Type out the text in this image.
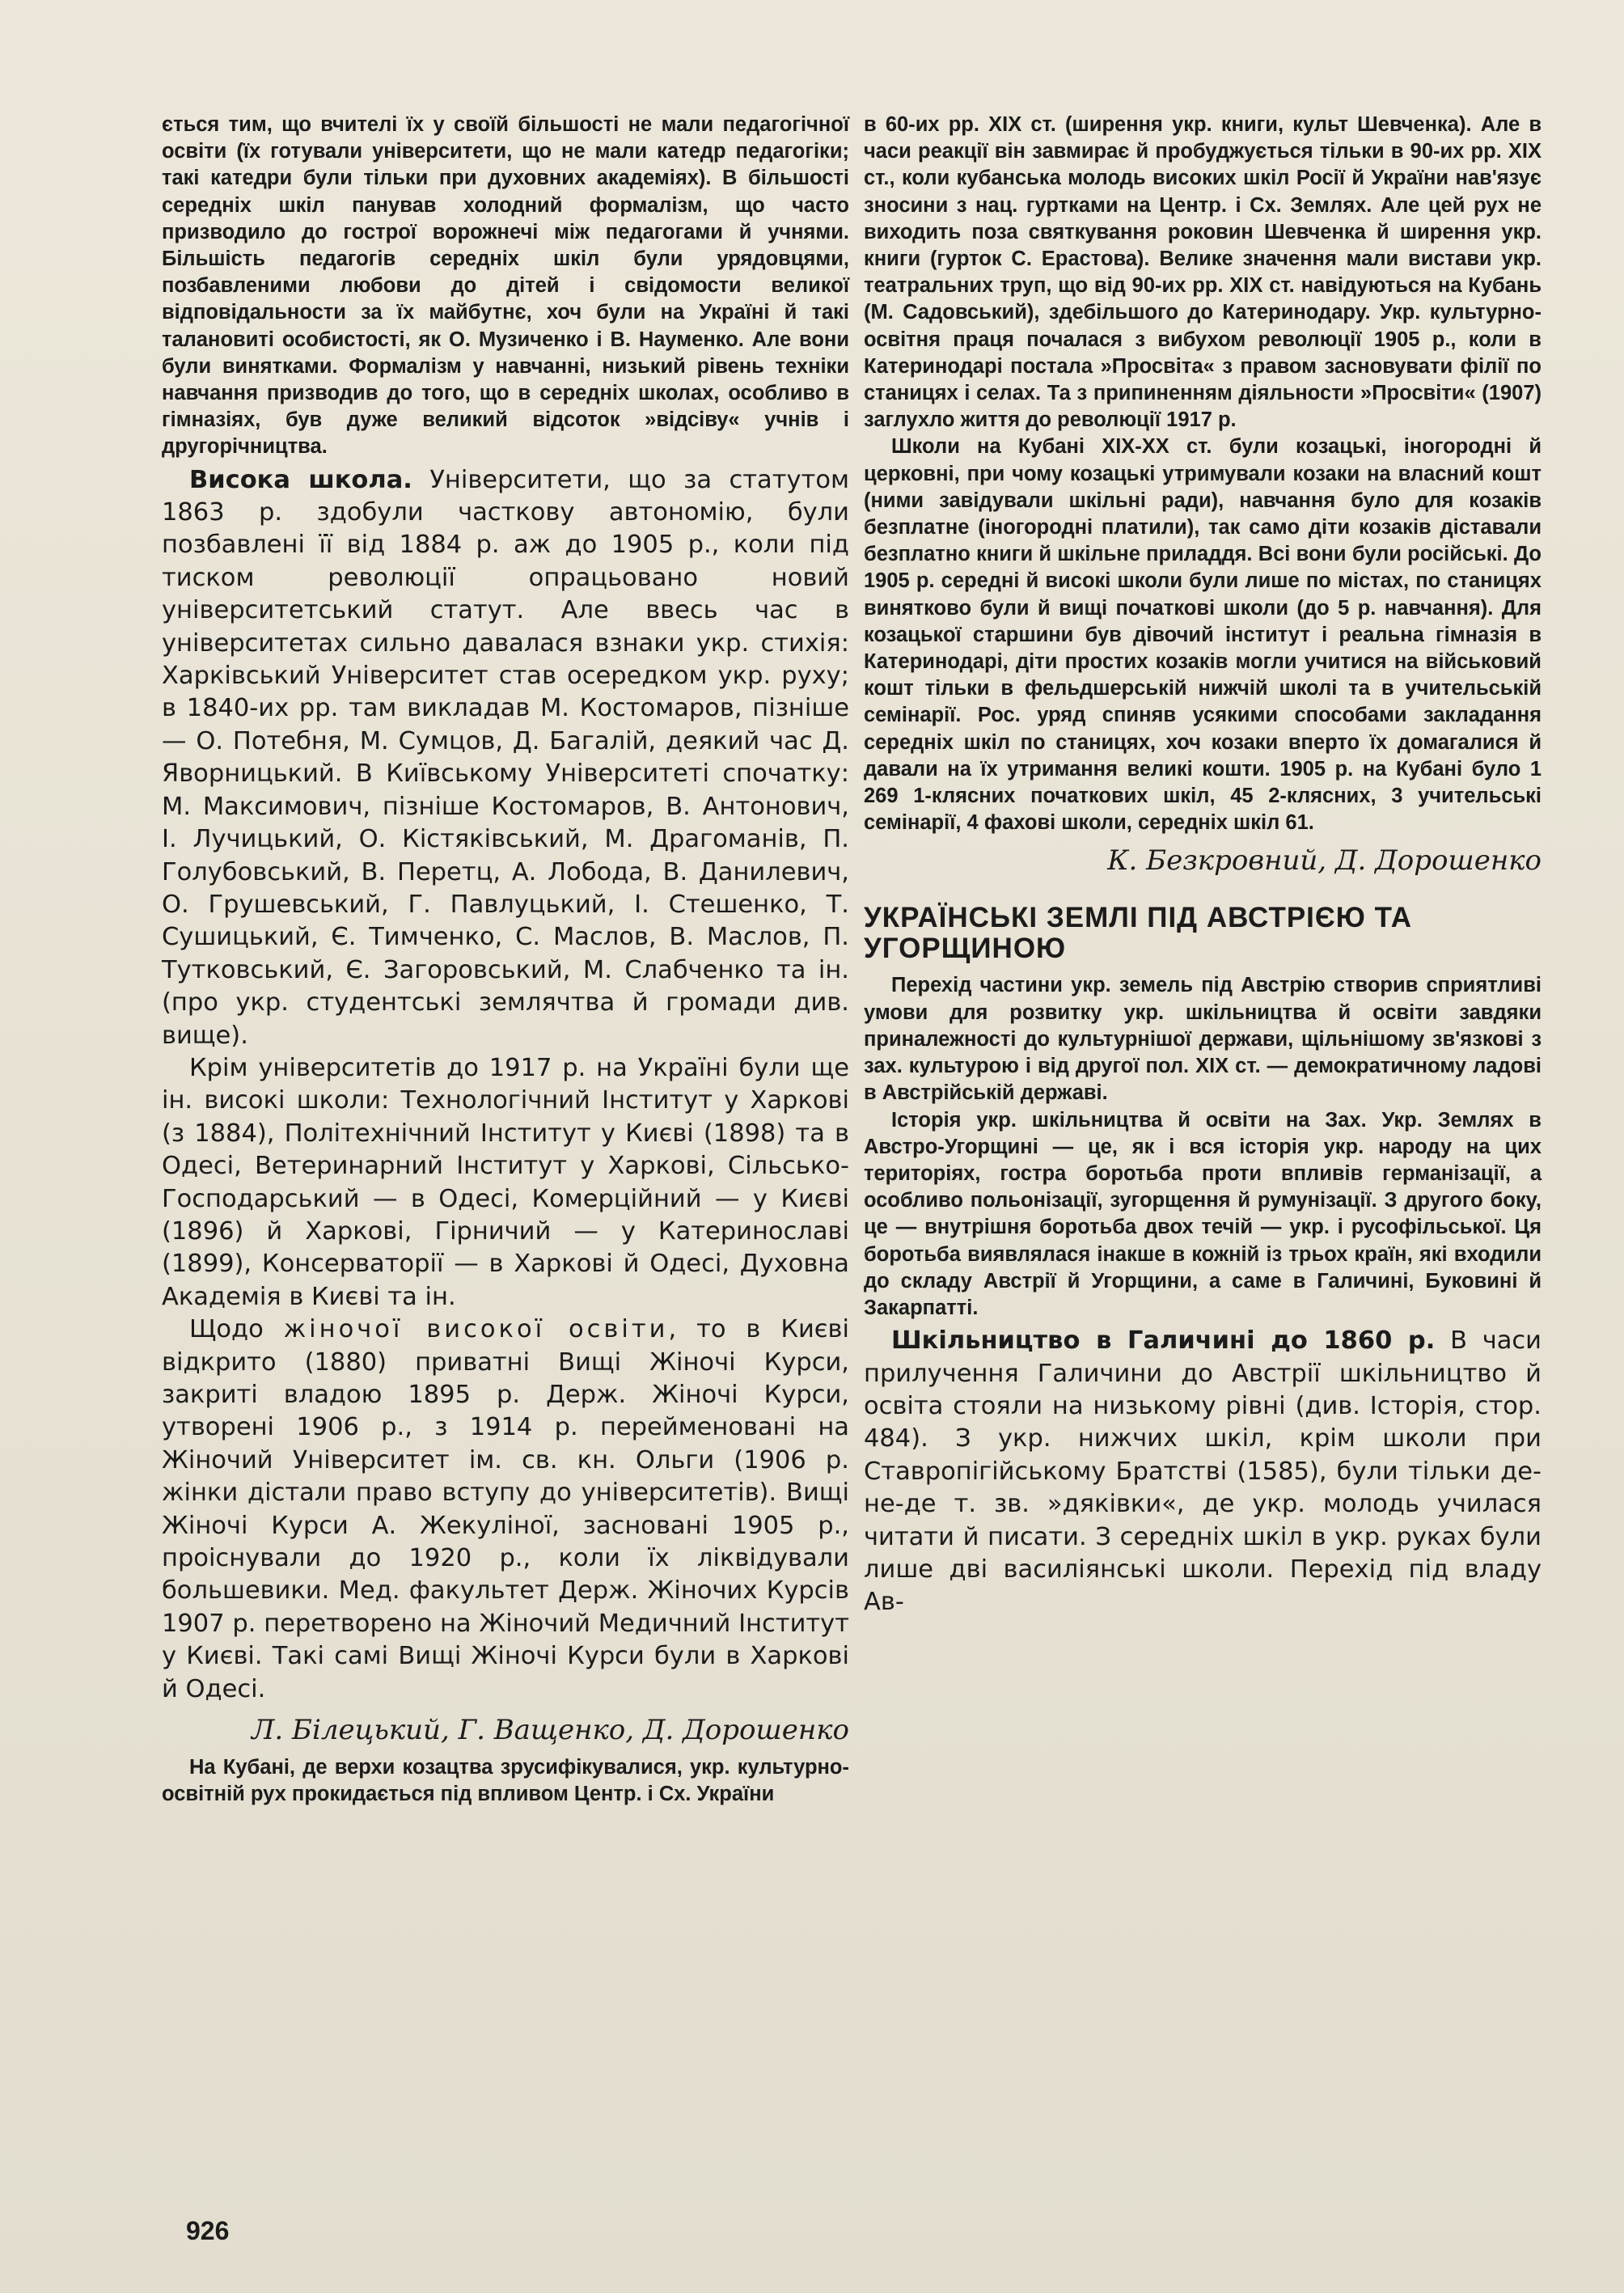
ється тим, що вчителі їх у своїй більшості не мали педагогічної освіти (їх готували університети, що не мали катедр педагогіки; такі катедри були тільки при духовних академіях). В більшості середніх шкіл панував холодний формалізм, що часто призводило до гострої ворожнечі між педагогами й учнями. Більшість педагогів середніх шкіл були урядовцями, позбавленими любови до дітей і свідомости великої відповідальности за їх майбутнє, хоч були на Україні й такі талановиті особистості, як О. Музиченко і В. Науменко. Але вони були винятками. Формалізм у навчанні, низький рівень техніки навчання призводив до того, що в середніх школах, особливо в гімназіях, був дуже великий відсоток »відсіву« учнів і другорічництва.

Висока школа. Університети, що за статутом 1863 р. здобули часткову автономію, були позбавлені її від 1884 р. аж до 1905 р., коли під тиском революції опрацьовано новий університетський статут. Але ввесь час в університетах сильно давалася взнаки укр. стихія: Харківський Університет став осередком укр. руху; в 1840-их рр. там викладав М. Костомаров, пізніше — О. Потебня, М. Сумцов, Д. Багалій, деякий час Д. Яворницький. В Київському Університеті спочатку: М. Максимович, пізніше Костомаров, В. Антонович, І. Лучицький, О. Кістяківський, М. Драгоманів, П. Голубовський, В. Перетц, А. Лобода, В. Данилевич, О. Грушевський, Г. Павлуцький, І. Стешенко, Т. Сушицький, Є. Тимченко, С. Маслов, В. Маслов, П. Тутковський, Є. Загоровський, М. Слабченко та ін. (про укр. студентські землячтва й громади див. вище).

Крім університетів до 1917 р. на Україні були ще ін. високі школи: Технологічний Інститут у Харкові (з 1884), Політехнічний Інститут у Києві (1898) та в Одесі, Ветеринарний Інститут у Харкові, Сільсько-Господарський — в Одесі, Комерційний — у Києві (1896) й Харкові, Гірничий — у Катеринославі (1899), Консерваторії — в Харкові й Одесі, Духовна Академія в Києві та ін.

Щодо жіночої високої освіти, то в Києві відкрито (1880) приватні Вищі Жіночі Курси, закриті владою 1895 р. Держ. Жіночі Курси, утворені 1906 р., з 1914 р. перейменовані на Жіночий Університет ім. св. кн. Ольги (1906 р. жінки дістали право вступу до університетів). Вищі Жіночі Курси А. Жекуліної, засновані 1905 р., проіснували до 1920 р., коли їх ліквідували большевики. Мед. факультет Держ. Жіночих Курсів 1907 р. перетворено на Жіночий Медичний Інститут у Києві. Такі самі Вищі Жіночі Курси були в Харкові й Одесі.

Л. Білецький, Г. Ващенко, Д. Дорошенко

На Кубані, де верхи козацтва зрусифікувалися, укр. культурно-освітній рух прокидається під впливом Центр. і Сх. України

в 60-их рр. XIX ст. (ширення укр. книги, культ Шевченка). Але в часи реакції він завмирає й пробуджується тільки в 90-их рр. XIX ст., коли кубанська молодь високих шкіл Росії й України нав'язує зносини з нац. гуртками на Центр. і Сх. Землях. Але цей рух не виходить поза святкування роковин Шевченка й ширення укр. книги (гурток С. Ерастова). Велике значення мали вистави укр. театральних труп, що від 90-их рр. XIX ст. навідуються на Кубань (М. Садовський), здебільшого до Катеринодару. Укр. культурно-освітня праця почалася з вибухом революції 1905 р., коли в Катеринодарі постала »Просвіта« з правом засновувати філії по станицях і селах. Та з припиненням діяльности »Просвіти« (1907) заглухло життя до революції 1917 р.

Школи на Кубані XIX-XX ст. були козацькі, іногородні й церковні, при чому козацькі утримували козаки на власний кошт (ними завідували шкільні ради), навчання було для козаків безплатне (іногородні платили), так само діти козаків діставали безплатно книги й шкільне приладдя. Всі вони були російські. До 1905 р. середні й високі школи були лише по містах, по станицях винятково були й вищі початкові школи (до 5 р. навчання). Для козацької старшини був дівочий інститут і реальна гімназія в Катеринодарі, діти простих козаків могли учитися на військовий кошт тільки в фельдшерській нижчій школі та в учительській семінарії. Рос. уряд спиняв усякими способами закладання середніх шкіл по станицях, хоч козаки вперто їх домагалися й давали на їх утримання великі кошти. 1905 р. на Кубані було 1 269 1-клясних початкових шкіл, 45 2-клясних, 3 учительські семінарії, 4 фахові школи, середніх шкіл 61.

К. Безкровний, Д. Дорошенко
УКРАЇНСЬКІ ЗЕМЛІ ПІД АВСТРІЄЮ ТА УГОРЩИНОЮ

Перехід частини укр. земель під Австрію створив сприятливі умови для розвитку укр. шкільництва й освіти завдяки приналежності до культурнішої держави, щільнішому зв'язкові з зах. культурою і від другої пол. XIX ст. — демократичному ладові в Австрійській державі.

Історія укр. шкільництва й освіти на Зах. Укр. Землях в Австро-Угорщині — це, як і вся історія укр. народу на цих територіях, гостра боротьба проти впливів германізації, а особливо польонізації, зугорщення й румунізації. З другого боку, це — внутрішня боротьба двох течій — укр. і русофільської. Ця боротьба виявлялася інакше в кожній із трьох країн, які входили до складу Австрії й Угорщини, а саме в Галичині, Буковині й Закарпатті.

Шкільництво в Галичині до 1860 р. В часи прилучення Галичини до Австрії шкільництво й освіта стояли на низькому рівні (див. Історія, стор. 484). З укр. нижчих шкіл, крім школи при Ставропігійському Братстві (1585), були тільки де-не-де т. зв. »дяківки«, де укр. молодь училася читати й писати. З середніх шкіл в укр. руках були лише дві василіянські школи. Перехід під владу Ав-

926
